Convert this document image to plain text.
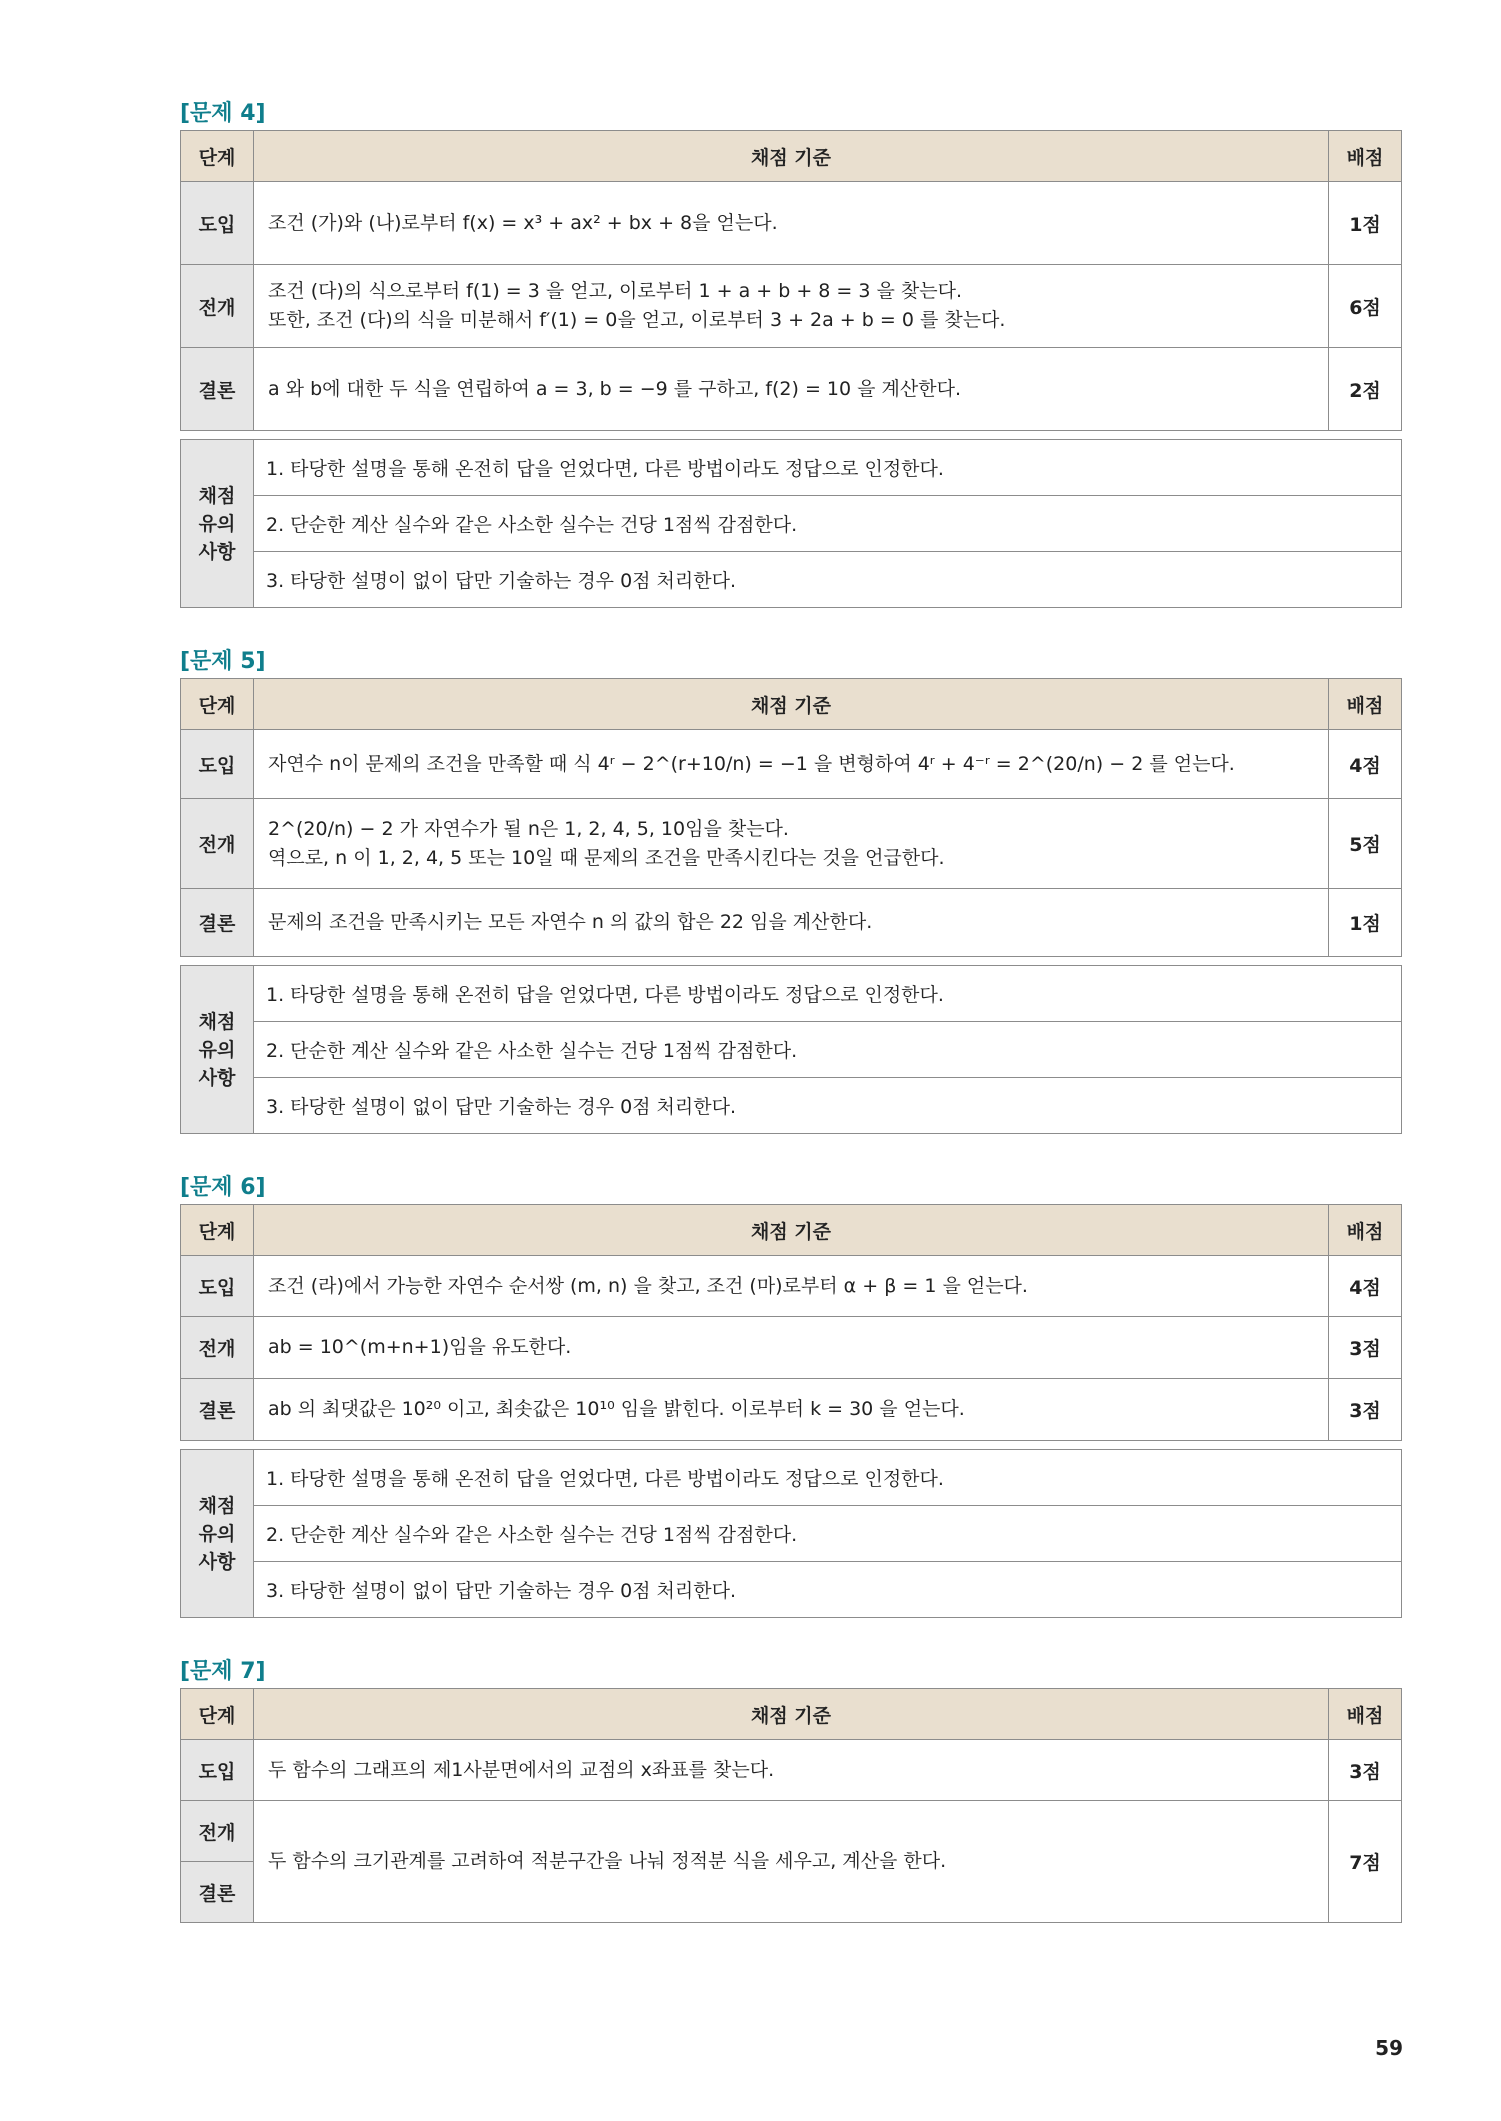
[문제 4]
단계	채점 기준	배점
도입	조건 (가)와 (나)로부터 f(x) = x³ + ax² + bx + 8을 얻는다.	1점
전개	조건 (다)의 식으로부터 f(1) = 3 을 얻고, 이로부터 1 + a + b + 8 = 3 을 찾는다.
또한, 조건 (다)의 식을 미분해서 f′(1) = 0을 얻고, 이로부터 3 + 2a + b = 0 를 찾는다.	6점
결론	a 와 b에 대한 두 식을 연립하여 a = 3, b = −9 를 구하고, f(2) = 10 을 계산한다.	2점
채점
유의
사항
	1. 타당한 설명을 통해 온전히 답을 얻었다면, 다른 방법이라도 정답으로 인정한다.
2. 단순한 계산 실수와 같은 사소한 실수는 건당 1점씩 감점한다.
3. 타당한 설명이 없이 답만 기술하는 경우 0점 처리한다.
[문제 5]
단계	채점 기준	배점
도입	자연수 n이 문제의 조건을 만족할 때 식 4ʳ − 2^(r+10/n) = −1 을 변형하여 4ʳ + 4⁻ʳ = 2^(20/n) − 2 를 얻는다.	4점
전개	2^(20/n) − 2 가 자연수가 될 n은 1, 2, 4, 5, 10임을 찾는다.
역으로, n 이 1, 2, 4, 5 또는 10일 때 문제의 조건을 만족시킨다는 것을 언급한다.	5점
결론	문제의 조건을 만족시키는 모든 자연수 n 의 값의 합은 22 임을 계산한다.	1점
채점
유의
사항
	1. 타당한 설명을 통해 온전히 답을 얻었다면, 다른 방법이라도 정답으로 인정한다.
2. 단순한 계산 실수와 같은 사소한 실수는 건당 1점씩 감점한다.
3. 타당한 설명이 없이 답만 기술하는 경우 0점 처리한다.
[문제 6]
단계	채점 기준	배점
도입	조건 (라)에서 가능한 자연수 순서쌍 (m, n) 을 찾고, 조건 (마)로부터 α + β = 1 을 얻는다.	4점
전개	ab = 10^(m+n+1)임을 유도한다.	3점
결론	ab 의 최댓값은 10²⁰ 이고, 최솟값은 10¹⁰ 임을 밝힌다. 이로부터 k = 30 을 얻는다.	3점
채점
유의
사항
	1. 타당한 설명을 통해 온전히 답을 얻었다면, 다른 방법이라도 정답으로 인정한다.
2. 단순한 계산 실수와 같은 사소한 실수는 건당 1점씩 감점한다.
3. 타당한 설명이 없이 답만 기술하는 경우 0점 처리한다.
[문제 7]
단계	채점 기준	배점
도입	두 함수의 그래프의 제1사분면에서의 교점의 x좌표를 찾는다.	3점
전개	두 함수의 크기관계를 고려하여 적분구간을 나눠 정적분 식을 세우고, 계산을 한다.	7점
결론		
59
